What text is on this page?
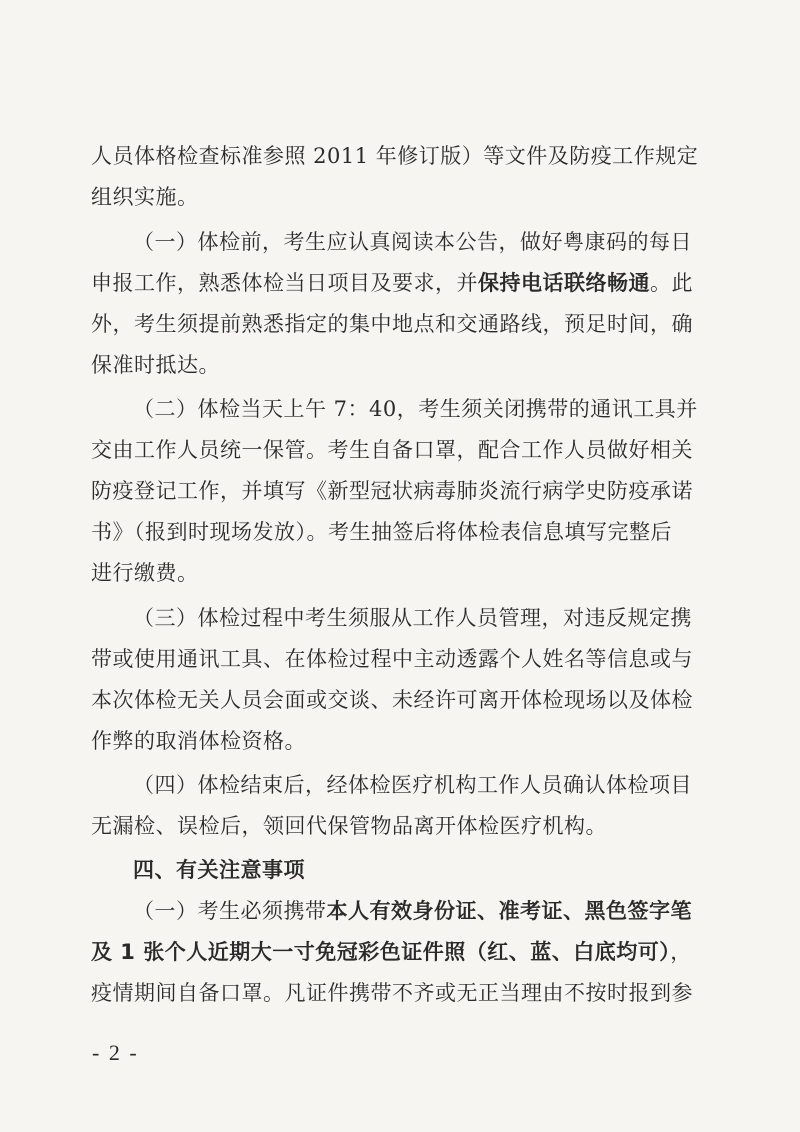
人员体格检查标准参照 2011 年修订版）等文件及防疫工作规定
组织实施。
（一）体检前，考生应认真阅读本公告，做好粤康码的每日
申报工作，熟悉体检当日项目及要求，并保持电话联络畅通。此
外，考生须提前熟悉指定的集中地点和交通路线，预足时间，确
保准时抵达。
（二）体检当天上午 7：40，考生须关闭携带的通讯工具并
交由工作人员统一保管。考生自备口罩，配合工作人员做好相关
防疫登记工作，并填写《新型冠状病毒肺炎流行病学史防疫承诺
书》（报到时现场发放）。考生抽签后将体检表信息填写完整后
进行缴费。
（三）体检过程中考生须服从工作人员管理，对违反规定携
带或使用通讯工具、在体检过程中主动透露个人姓名等信息或与
本次体检无关人员会面或交谈、未经许可离开体检现场以及体检
作弊的取消体检资格。
（四）体检结束后，经体检医疗机构工作人员确认体检项目
无漏检、误检后，领回代保管物品离开体检医疗机构。
四、有关注意事项
（一）考生必须携带本人有效身份证、准考证、黑色签字笔
及 1 张个人近期大一寸免冠彩色证件照（红、蓝、白底均可），
疫情期间自备口罩。凡证件携带不齐或无正当理由不按时报到参
- 2 -
